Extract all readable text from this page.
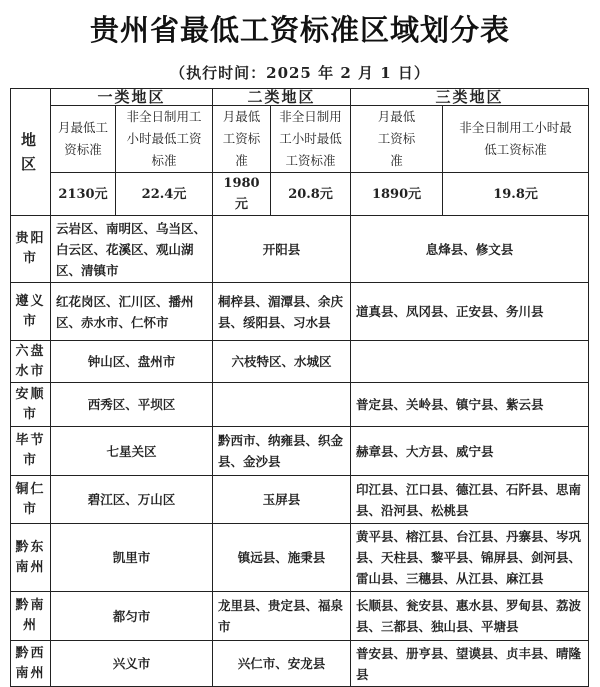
贵州省最低工资标准区域划分表
（执行时间：2025 年 2 月 1 日）
地区	一类地区		二类地区		三类地区	
	月最低工资标准	非全日制用工小时最低工资标准	月最低工资标准	非全日制用工小时最低工资标准	月最低工资标准	非全日制用工小时最低工资标准
	2130元	22.4元	1980元	20.8元	1890元	19.8元
贵阳市	云岩区、南明区、乌当区、白云区、花溪区、观山湖区、清镇市		开阳县		息烽县、修文县	
遵义市	红花岗区、汇川区、播州区、赤水市、仁怀市		桐梓县、湄潭县、余庆县、绥阳县、习水县		道真县、凤冈县、正安县、务川县	
六盘水市	钟山区、盘州市		六枝特区、水城区			
安顺市	西秀区、平坝区				普定县、关岭县、镇宁县、紫云县	
毕节市	七星关区		黔西市、纳雍县、织金县、金沙县		赫章县、大方县、威宁县	
铜仁市	碧江区、万山区		玉屏县		印江县、江口县、德江县、石阡县、思南县、沿河县、松桃县	
黔东南州	凯里市		镇远县、施秉县		黄平县、榕江县、台江县、丹寨县、岑巩县、天柱县、黎平县、锦屏县、剑河县、雷山县、三穗县、从江县、麻江县	
黔南州	都匀市		龙里县、贵定县、福泉市		长顺县、瓮安县、惠水县、罗甸县、荔波县、三都县、独山县、平塘县	
黔西南州	兴义市		兴仁市、安龙县		普安县、册亨县、望谟县、贞丰县、晴隆县	
